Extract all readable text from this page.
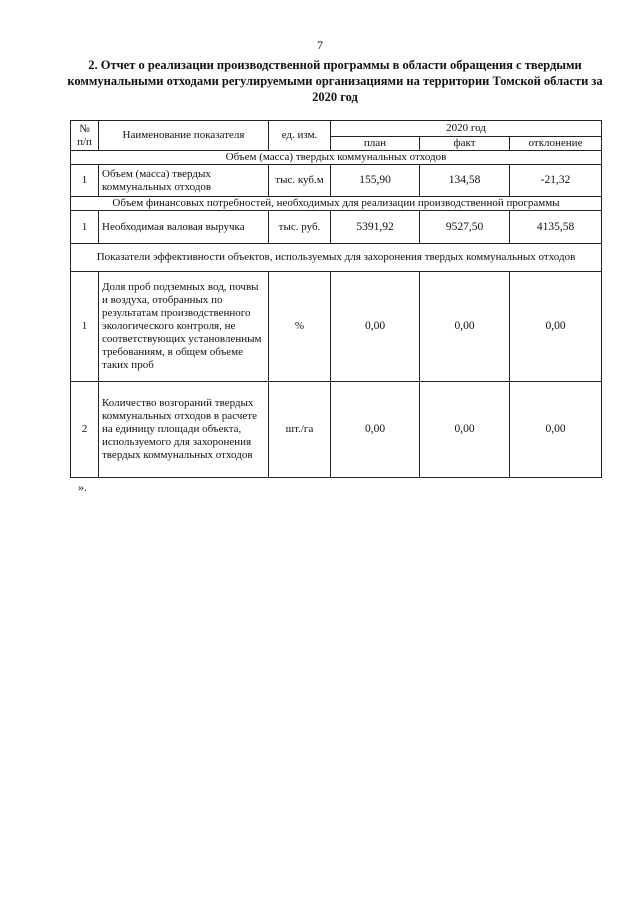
7
2. Отчет о реализации производственной программы в области обращения с твердыми коммунальными отходами регулируемыми организациями на территории Томской области за 2020 год
№ п/п	Наименование показателя	ед. изм.	2020 год		
			план	факт	отклонение
Объем (масса) твердых коммунальных отходов					
1	Объем (масса) твердых коммунальных отходов	тыс. куб.м	155,90	134,58	-21,32
Объем финансовых потребностей, необходимых для реализации производственной программы					
1	Необходимая валовая выручка	тыс. руб.	5391,92	9527,50	4135,58
Показатели эффективности объектов, используемых для захоронения твердых коммунальных отходов					
1	Доля проб подземных вод, почвы и воздуха, отобранных по результатам производственного экологического контроля, не соответствующих установленным требованиям, в общем объеме таких проб	%	0,00	0,00	0,00
2	Количество возгораний твердых коммунальных отходов в расчете на единицу площади объекта, используемого для захоронения твердых коммунальных отходов	шт./га	0,00	0,00	0,00
».
